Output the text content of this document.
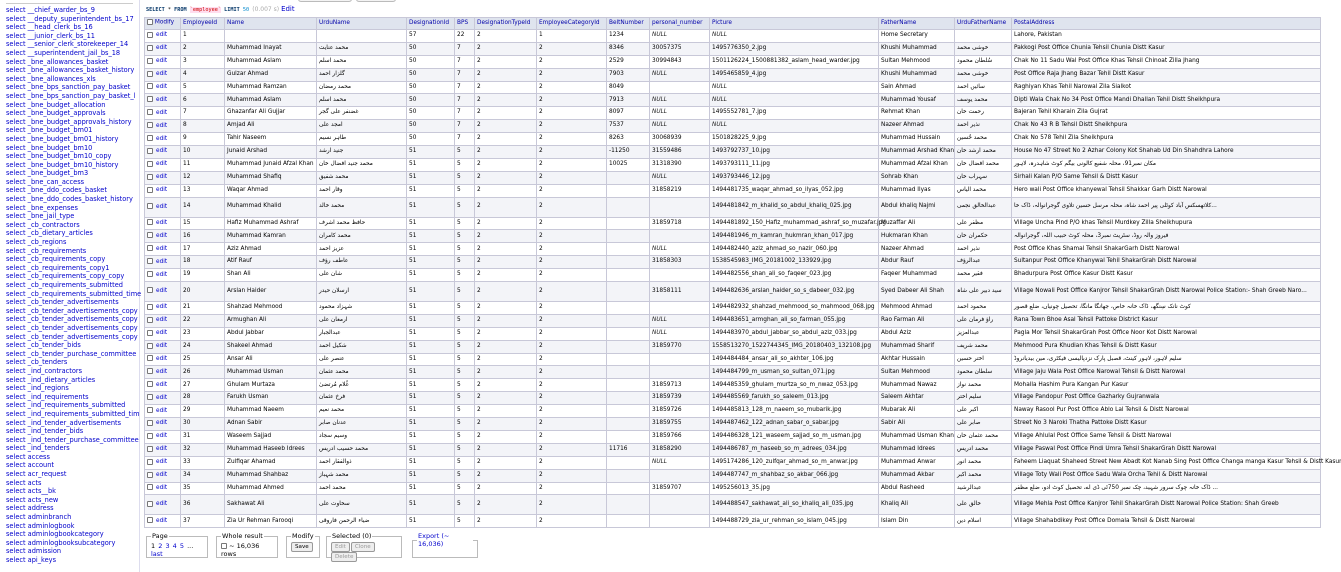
select __chief_warder_bs_9
select __deputy_superintendent_bs_17
select __head_clerk_bs_16
select __junior_clerk_bs_11
select __senior_clerk_storekeeper_14
select __superintendent_jail_bs_18
select _bne_allowances_basket
select _bne_allowances_basket_history
select _bne_allowances_xls
select _bne_bps_sanction_pay_basket
select _bne_bps_sanction_pay_basket_l
select _bne_budget_allocation
select _bne_budget_approvals
select _bne_budget_approvals_history
select _bne_budget_bm01
select _bne_budget_bm01_history
select _bne_budget_bm10
select _bne_budget_bm10_copy
select _bne_budget_bm10_history
select _bne_budget_bm3
select _bne_can_access
select _bne_ddo_codes_basket
select _bne_ddo_codes_basket_history
select _bne_expenses
select _bne_jail_type
select _cb_contractors
select _cb_dietary_articles
select _cb_regions
select _cb_requirements
select _cb_requirements_copy
select _cb_requirements_copy1
select _cb_requirements_copy_copy
select _cb_requirements_submitted
select _cb_requirements_submitted_time
select _cb_tender_advertisements
select _cb_tender_advertisements_copy
select _cb_tender_advertisements_copy
select _cb_tender_advertisements_copy
select _cb_tender_advertisements_copy
select _cb_tender_bids
select _cb_tender_purchase_committee
select _cb_tenders
select _ind_contractors
select _ind_dietary_articles
select _ind_regions
select _ind_requirements
select _ind_requirements_submitted
select _ind_requirements_submitted_tim
select _ind_tender_advertisements
select _ind_tender_bids
select _ind_tender_purchase_committee
select _ind_tenders
select access
select account
select acr_request
select acts
select acts__bk
select acts_new
select address
select adminbranch
select adminlogbook
select adminlogbookcategory
select adminlogbooksubcategory
select admission
select api_keys
SELECT * FROM `employee` LIMIT 50 (0.007 s) Edit
Modify	EmployeeId	Name	UrduName	DesignationId	BPS	DesignationTypeId	EmployeeCategoryId	BeltNumber	personal_number	Picture	FatherName	UrduFatherName	PostalAddress
edit	1			57	22	2	1	1234	NULL	NULL	Home Secretary		Lahore, Pakistan
edit	2	Muhammad Inayat	محمد عنایت	50	7	2	2	8346	30057375	1495776350_2.jpg	Khushi Muhammad	خوشی محمد	Pakkogi Post Office Chunia Tehsil Chunia Distt Kasur
edit	3	Muhammad Aslam	محمد اسلم	50	7	2	2	2529	30994843	1501126224_1500881382_aslam_head_warder.jpg	Sultan Mehmood	سُلطان محمود	Chak No 11 Sadu Wal Post Office Khas Tehsil Chinoat Zilla Jhang
edit	4	Gulzar Ahmad	گلزار احمد	50	7	2	2	7903	NULL	1495465859_4.jpg	Khushi Muhammad	خوشی محمد	Post Office Raja Jhang Bazar Tehil Distt Kasur
edit	5	Muhammad Ramzan	محمد رمضان	50	7	2	2	8049		NULL	Sain Ahmad	سائیں احمد	Raghiyan Khas Tehil Narowal Zila Sialkot
edit	6	Muhammad Aslam	محمد اسلم	50	7	2	2	7913	NULL	NULL	Muhammad Yousaf	محمد یوسف	Dipti Wala Chak No 34 Post Office Mandi Dhallan Tehil Distt Sheikhpura
edit	7	Ghazanfar Ali Gujjar	غضنفر علی گجر	50	7	2	2	8097	NULL	1495552781_7.jpg	Rehmat Khan	رحمت خان	Bajeran Tehil Kharain Zila Gujrat
edit	8	Amjad Ali	امجد علی	50	7	2	2	7537	NULL	NULL	Nazeer Ahmad	نذیر احمد	Chak No 43 R B Tehsil Distt Sheikhpura
edit	9	Tahir Naseem	طاہر نسیم	50	7	2	2	8263	30068939	1501828225_9.jpg	Muhammad Hussain	محمد حُسین	Chak No 578 Tehil Zila Sheikhpura
edit	10	Junaid Arshad	جنید ارشد	51	5	2	2	-11250	31559486	1493792737_10.jpg	Muhammad Arshad Khan	محمد ارشد خان	House No 47 Street No 2 Azhar Colony Kot Shahab Ud Din Shahdhra Lahore
edit	11	Muhammad Junaid Afzal Khan	محمد جنید افضال خان	51	5	2	2	10025	31318390	1493793111_11.jpg	Muhammad Afzal Khan	محمد افضال خان	مکان نمبر91، محلہ شفیع کالونی بیگم کوٹ شاہدرہ، لاہور
edit	12	Muhammad Shafiq	محمد شفیق	51	5	2	2		NULL	1493793446_12.jpg	Sohrab Khan	سہراب خان	Sirhali Kalan P/O Same Tehsil & Distt Kasur
edit	13	Waqar Ahmad	وقار احمد	51	5	2	2		31858219	1494481735_waqar_ahmad_so_ilyas_052.jpg	Muhammad Ilyas	محمد الیاس	Hero wali Post Office khanyewal Tehsil Shakkar Garh Distt Narowal
edit	14	Muhammad Khalid	محمد خالد	51	5	2	2			1494481842_m_khalid_so_abdul_khaliq_025.jpg	Abdul khaliq Najmi	عبدالخالق نجمی	کلاتھسکس آباد کوٹلی پیر احمد شاہ، محلہ مرسل حسین تلاوی گوجرانوالہ، ڈاک خا...
edit	15	Hafiz Muhammad Ashraf	حافظ محمد اشرف	51	5	2	2		31859718	1494481892_150_Hafiz_muhammad_ashraf_so_muzafar.jpg	Muzaffar Ali	مظفر علی	Village Uncha Pind P/O khas Tehsil Murdkey Zilla Sheikhupura
edit	16	Muhammad Kamran	محمد کامران	51	5	2	2			1494481946_m_kamran_hukmran_khan_017.jpg	Hukmaran Khan	حکمران خان	فیروز والہ روڈ، سٹریٹ نمبر3، محلہ کوٹ حبیب اللہ، گوجرانوالہ
edit	17	Aziz Ahmad	عزیز احمد	51	5	2	2		NULL	1494482440_aziz_ahmad_so_nazir_060.jpg	Nazeer Ahmad	نذیر احمد	Post Office Khas Shamal Tehsil ShakarGarh Distt Narowal
edit	18	Atif Rauf	عاطف رؤف	51	5	2	2		31858303	1538545983_IMG_20181002_133929.jpg	Abdur Rauf	عبدالرؤف	Sultanpur Post Office Khanywal Tehil ShakarGrah Distt Narowal
edit	19	Shan Ali	شان علی	51	5	2	2			1494482556_shan_ali_so_faqeer_023.jpg	Faqeer Muhammad	فقیر محمد	Bhadurpura Post Office Kasur Distt Kasur
edit	20	Arslan Haider	ارسلان حیدر	51	5	2	2		31858111	1494482636_arslan_haider_so_s_dabeer_032.jpg	Syed Dabeer Ali Shah	سید دبیر علی شاہ	Village Nowali Post Office Kanjror Tehsil ShakarGrah Distt Narowal Police Station:- Shah Greeb Naro...
edit	21	Shahzad Mehmood	شہزاد محمود	51	5	2	2			1494482932_shahzad_mehmood_so_mahmood_068.jpg	Mehmood Ahmad	محمود احمد	کوٹ نانک سِنگھ، ڈاک خانہ خاص، جھانگا مانگا، تحصیل چونیاں، ضلع قصور
edit	22	Armughan Ali	ارمغان علی	51	5	2	2		NULL	1494483651_armghan_ali_so_farman_055.jpg	Rao Farman Ali	راؤ فرمان علی	Rana Town Bhoe Asal Tehsil Pattoke District Kasur
edit	23	Abdul Jabbar	عبدالجبار	51	5	2	2		NULL	1494483970_abdul_jabbar_so_abdul_aziz_033.jpg	Abdul Aziz	عبدالعزیز	Pagla Mor Tehsil ShakarGrah Post Office Noor Kot Distt Narowal
edit	24	Shakeel Ahmad	شکیل احمد	51	5	2	2		31859770	1558513270_1522744345_IMG_20180403_132108.jpg	Muhammad Sharif	محمد شریف	Mehmood Pura Khudian Khas Tehsil & Distt Kasur
edit	25	Ansar Ali	عنصر علی	51	5	2	2			1494484484_ansar_ali_so_akhter_106.jpg	Akhtar Hussain	اختر حسین	سلیم لاہور، لاہور کینٹ، قصبل پارک نزدپالیسی فیکٹری، مین بیدیانروڈ
edit	26	Muhammad Usman	محمد عثمان	51	5	2	2			1494484799_m_usman_so_sultan_071.jpg	Sultan Mehmood	سلطان محمود	Village Jaju Wala Post Office Narowal Tehsil & Distt Narowal
edit	27	Ghulam Murtaza	غُلام مُرتضیٰ	51	5	2	2		31859713	1494485359_ghulam_murtza_so_m_nwaz_053.jpg	Muhammad Nawaz	محمد نواز	Mohalla Hashim Pura Kangan Pur Kasur
edit	28	Farukh Usman	فرخ عثمان	51	5	2	2		31859739	1494485569_farukh_so_saleem_013.jpg	Saleem Akhtar	سلیم اختر	Village Pandopur Post Office Gazharky Gujranwala
edit	29	Muhammad Naeem	محمد نعیم	51	5	2	2		31859726	1494485813_128_m_naeem_so_mubarik.jpg	Mubarak Ali	اکبر علی	Naway Rasool Pur Post Office Ablo Lal Tehsil & Distt Narowal
edit	30	Adnan Sabir	عدنان صابر	51	5	2	2		31859755	1494487462_122_adnan_sabar_o_sabar.jpg	Sabir Ali	صابر علی	Street No 3 Naroki Thatha Pattoke Distt Kasur
edit	31	Waseem Sajjad	وسیم سجاد	51	5	2	2		31859766	1494486328_121_waseem_sajjad_so_m_usman.jpg	Muhammad Usman Khan	محمد عثمان خان	Village Ahlulal Post Office Same Tehsil & Distt Narowal
edit	32	Muhammad Haseeb Idrees	محمد حسیب ادریس	51	5	2	2	11716	31858290	1494486787_m_haseeb_so_m_adrees_034.jpg	Muhammad Idrees	محمد ادریس	Village Paswal Post Office Pindi Umra Tehsil ShakarGrah Distt Narowal
edit	33	Zulfiqar Ahamad	ذوالفقار احمد	51	5	2	2		NULL	1495174286_120_zulfqar_ahmad_so_m_anwar.jpg	Muhammad Anwar	محمد انور	Faheem Liaquat Shaheed Street New Abadt Kot Nanab Sing Post Office Changa manga Kasur Tehsil & Distt Kasur
edit	34	Muhammad Shahbaz	محمد شہباز	51	5	2	2			1494487747_m_shahbaz_so_akbar_066.jpg	Muhammad Akbar	محمد اکبر	Village Toty Wali Post Office Sadu Wala Orcha Tehil & Distt Narowal
edit	35	Muhammad Ahmed	محمد احمد	51	5	2	2		31859707	1495256013_35.jpg	Abdul Rasheed	عبدالرشید	ڈاک خانہ چوک سرور شہید، چک نمبر 750ٹی ڈی اے، تحصیل کوٹ ادو، ضلع مظفر ...
edit	36	Sakhawat Ali	سخاوت علی	51	5	2	2			1494488547_sakhawat_ali_so_khaliq_ali_035.jpg	Khaliq Ali	خالق علی	Village Mehla Post Office Kanjror Tehil ShakarGrah Distt Narowal Police Station: Shah Greeb
edit	37	Zia Ur Rehman Farooqi	ضیاء الرحمن فاروقی	51	5	2	2			1494488729_zia_ur_rehman_so_islam_045.jpg	Islam Din	اسلام دین	Village Shahabdikey Post Office Domala Tehsil & Distt Narowal
Page
1 2 3 4 5 ... last
Whole result
~ 16,036 rows
Modify
Save
Selected (0)
Edit CloneDelete
Export (~ 16,036)
